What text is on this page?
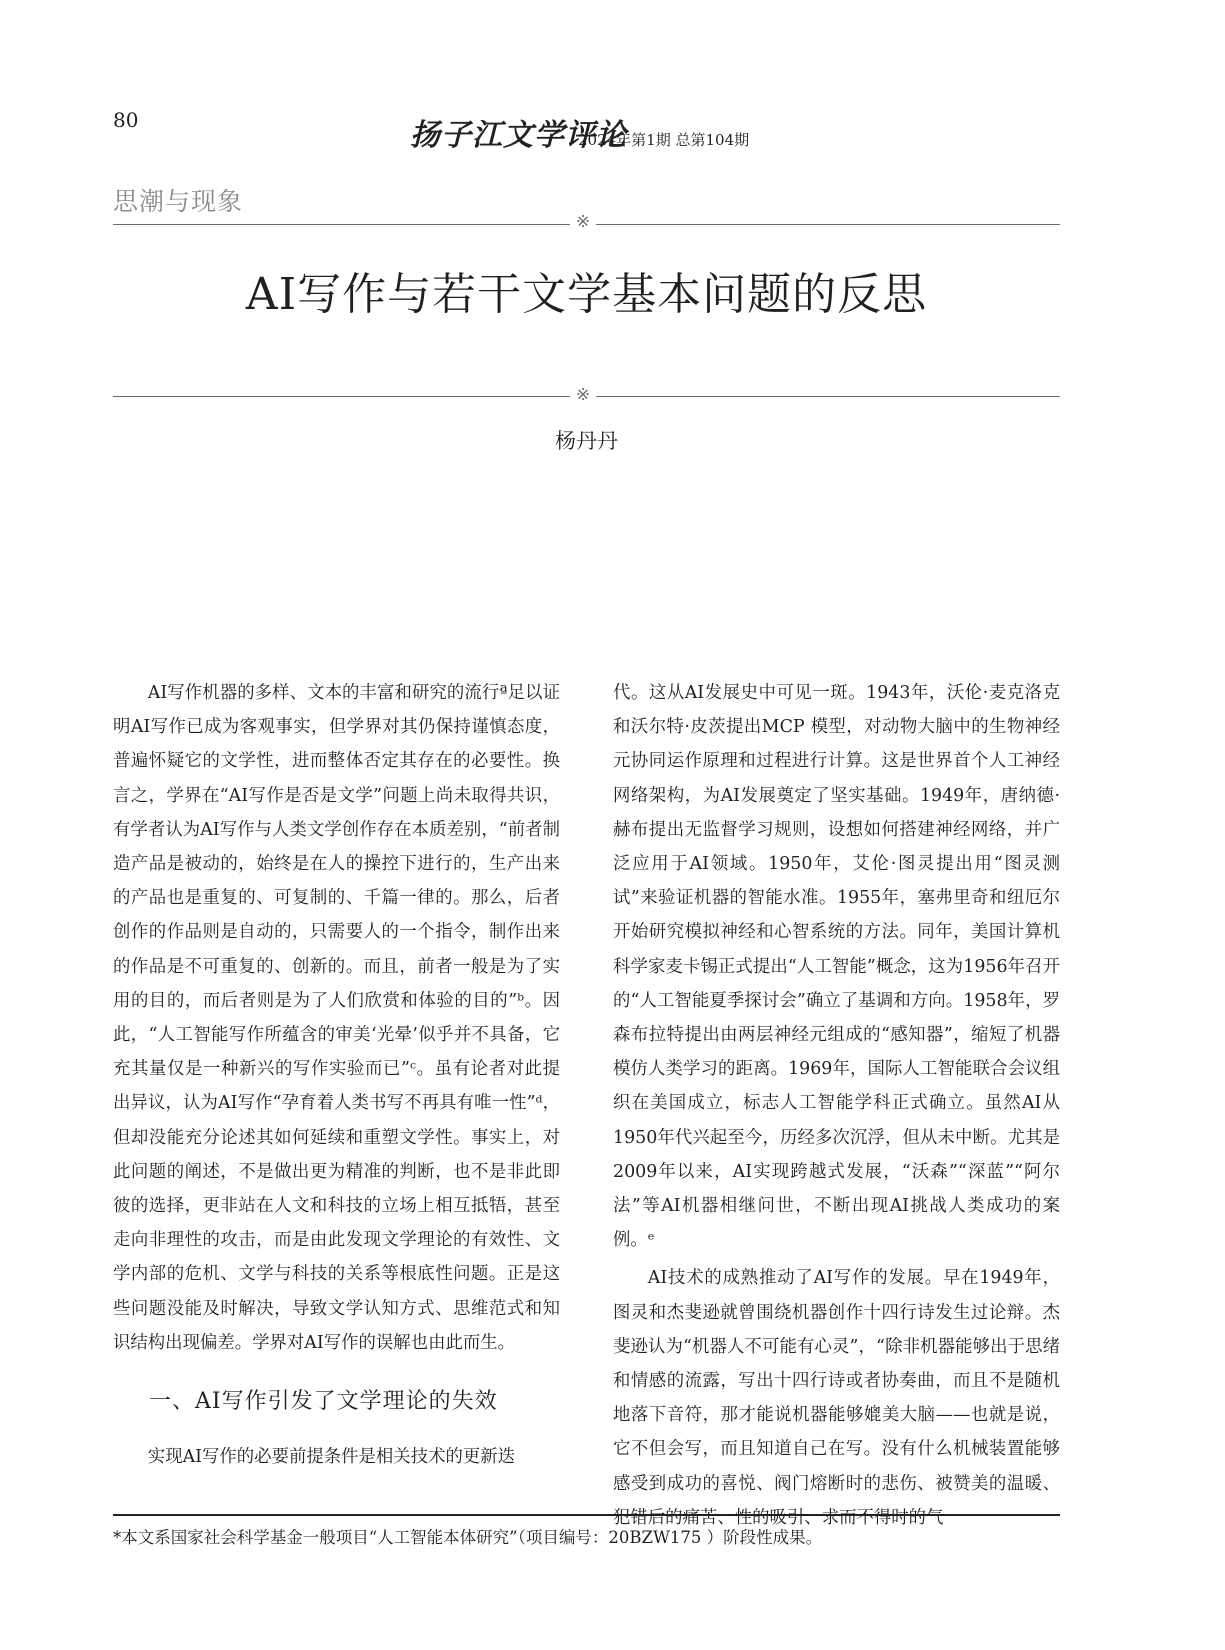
80	扬子江文学评论
2024年第1期 总第104期
思潮与现象
※
AI写作与若干文学基本问题的反思
※
杨丹丹

AI写作机器的多样、文本的丰富和研究的流行ª足以证明AI写作已成为客观事实，但学界对其仍保持谨慎态度，普遍怀疑它的文学性，进而整体否定其存在的必要性。换言之，学界在“AI写作是否是文学”问题上尚未取得共识，有学者认为AI写作与人类文学创作存在本质差别，“前者制造产品是被动的，始终是在人的操控下进行的，生产出来的产品也是重复的、可复制的、千篇一律的。那么，后者创作的作品则是自动的，只需要人的一个指令，制作出来的作品是不可重复的、创新的。而且，前者一般是为了实用的目的，而后者则是为了人们欣赏和体验的目的”ᵇ。因此，“人工智能写作所蕴含的审美‘光晕’似乎并不具备，它充其量仅是一种新兴的写作实验而已”ᶜ。虽有论者对此提出异议，认为AI写作“孕育着人类书写不再具有唯一性”ᵈ，但却没能充分论述其如何延续和重塑文学性。事实上，对此问题的阐述，不是做出更为精准的判断，也不是非此即彼的选择，更非站在人文和科技的立场上相互抵牾，甚至走向非理性的攻击，而是由此发现文学理论的有效性、文学内部的危机、文学与科技的关系等根底性问题。正是这些问题没能及时解决，导致文学认知方式、思维范式和知识结构出现偏差。学界对AI写作的误解也由此而生。

一、AI写作引发了文学理论的失效

实现AI写作的必要前提条件是相关技术的更新迭

代。这从AI发展史中可见一斑。1943年，沃伦·麦克洛克和沃尔特·皮茨提出MCP 模型，对动物大脑中的生物神经元协同运作原理和过程进行计算。这是世界首个人工神经网络架构，为AI发展奠定了坚实基础。1949年，唐纳德·赫布提出无监督学习规则，设想如何搭建神经网络，并广泛应用于AI领域。1950年，艾伦·图灵提出用“图灵测试”来验证机器的智能水准。1955年，塞弗里奇和纽厄尔开始研究模拟神经和心智系统的方法。同年，美国计算机科学家麦卡锡正式提出“人工智能”概念，这为1956年召开的“人工智能夏季探讨会”确立了基调和方向。1958年，罗森布拉特提出由两层神经元组成的“感知器”，缩短了机器模仿人类学习的距离。1969年，国际人工智能联合会议组织在美国成立，标志人工智能学科正式确立。虽然AI从1950年代兴起至今，历经多次沉浮，但从未中断。尤其是2009年以来，AI实现跨越式发展，“沃森”“深蓝”“阿尔法”等AI机器相继问世，不断出现AI挑战人类成功的案例。ᵉ

AI技术的成熟推动了AI写作的发展。早在1949年，图灵和杰斐逊就曾围绕机器创作十四行诗发生过论辩。杰斐逊认为“机器人不可能有心灵”，“除非机器能够出于思绪和情感的流露，写出十四行诗或者协奏曲，而且不是随机地落下音符，那才能说机器能够媲美大脑——也就是说，它不但会写，而且知道自己在写。没有什么机械装置能够感受到成功的喜悦、阀门熔断时的悲伤、被赞美的温暖、犯错后的痛苦、性的吸引、求而不得时的气

*本文系国家社会科学基金一般项目“人工智能本体研究”（项目编号：20BZW175 ）阶段性成果。
